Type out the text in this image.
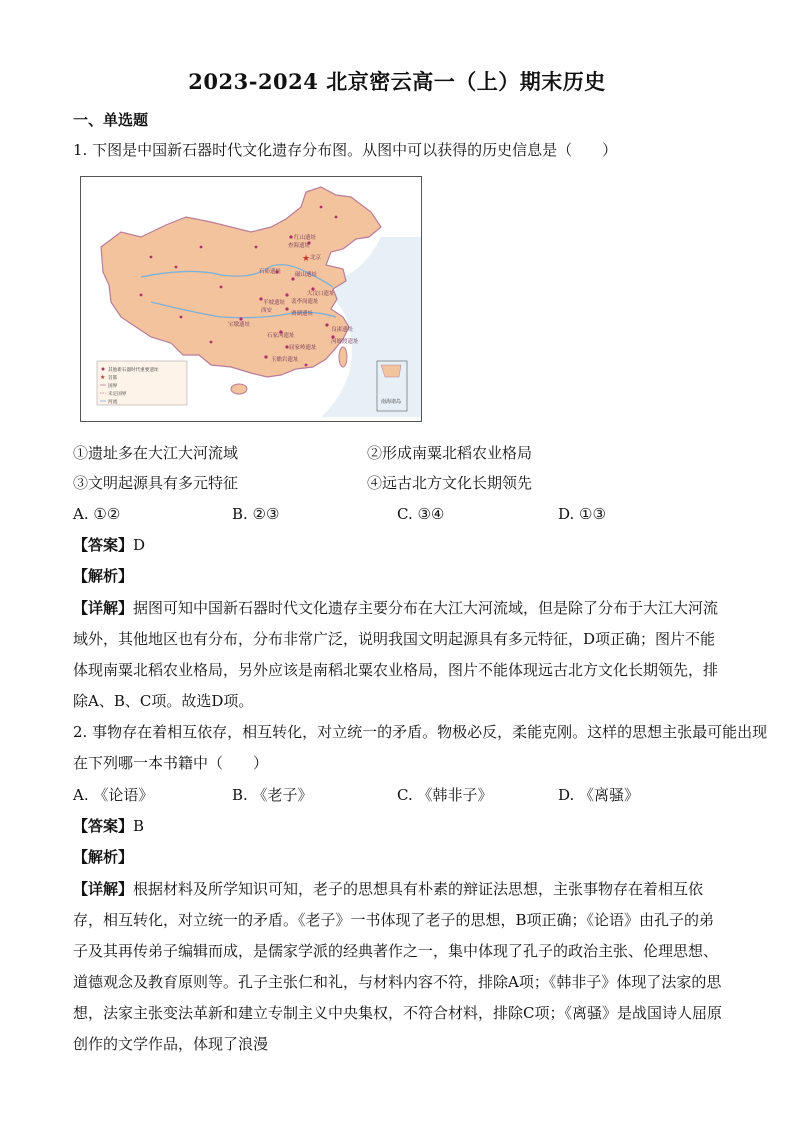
2023-2024 北京密云高一（上）期末历史
一、单选题
1. 下图是中国新石器时代文化遗存分布图。从图中可以获得的历史信息是（　　）
★
红山遗址
查海遗址
北京
石峁遗址	磁山遗址
大汶口遗址
裴李岗遗址
半坡遗址
西安	贾湖遗址
宝墩遗址
良渚遗址
河姆渡遗址
石家河遗址
屈家岭遗址
玉蟾岩遗址
其他新石器时代重要遗址
★ 首都
国界
未定国界
河流	南海诸岛
①遗址多在大江大河流域	②形成南粟北稻农业格局
③文明起源具有多元特征	④远古北方文化长期领先
A. ①②	B. ②③	C. ③④	D. ①③
【答案】D
【解析】
【详解】据图可知中国新石器时代文化遗存主要分布在大江大河流域，但是除了分布于大江大河流域外，其他地区也有分布，分布非常广泛，说明我国文明起源具有多元特征，D项正确；图片不能体现南粟北稻农业格局，另外应该是南稻北粟农业格局，图片不能体现远古北方文化长期领先，排除A、B、C项。故选D项。
2. 事物存在着相互依存，相互转化，对立统一的矛盾。物极必反，柔能克刚。这样的思想主张最可能出现
在下列哪一本书籍中（　　）
A. 《论语》	B. 《老子》	C. 《韩非子》	D. 《离骚》
【答案】B
【解析】
【详解】根据材料及所学知识可知，老子的思想具有朴素的辩证法思想，主张事物存在着相互依存，相互转化，对立统一的矛盾。《老子》一书体现了老子的思想，B项正确；《论语》由孔子的弟子及其再传弟子编辑而成，是儒家学派的经典著作之一，集中体现了孔子的政治主张、伦理思想、道德观念及教育原则等。孔子主张仁和礼，与材料内容不符，排除A项；《韩非子》体现了法家的思想，法家主张变法革新和建立专制主义中央集权，不符合材料，排除C项；《离骚》是战国诗人屈原创作的文学作品，体现了浪漫
